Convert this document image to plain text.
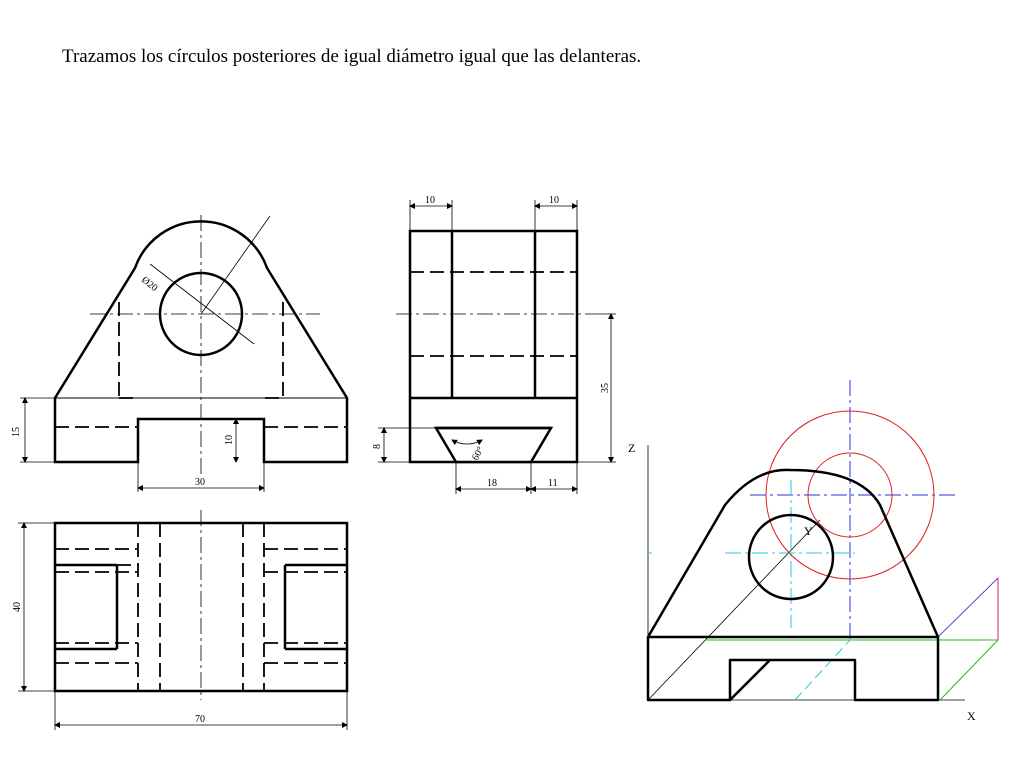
Trazamos los círculos posteriores de igual diámetro igual que las delanteras.
Ø20
15
10
30
10	10
35
8	60°
18	11
40
70
Z
Y
X
